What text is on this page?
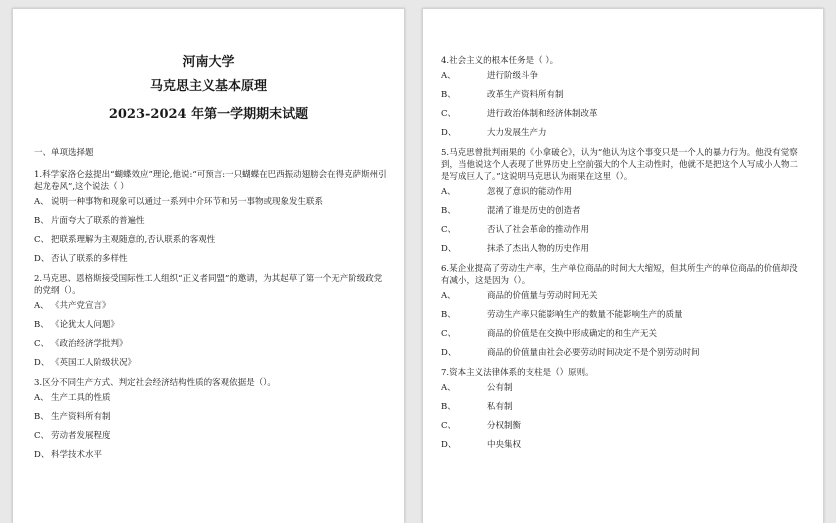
河南大学
马克思主义基本原理
2023-2024 年第一学期期末试题
一、单项选择题
1.科学家洛仑兹提出“蝴蝶效应”理论,他说:“可预言:一只蝴蝶在巴西振动翅膀会在得克萨斯州引起龙卷风”,这个说法（ ）
A、 说明一种事物和现象可以通过一系列中介环节和另一事物或现象发生联系
B、 片面夸大了联系的普遍性
C、 把联系理解为主观随意的,否认联系的客观性
D、 否认了联系的多样性
2.马克思、恩格斯接受国际性工人组织“正义者同盟”的邀请，为其起草了第一个无产阶级政党的党纲（）。
A、 《共产党宣言》
B、 《论犹太人问题》
C、 《政治经济学批判》
D、 《英国工人阶级状况》
3.区分不同生产方式、判定社会经济结构性质的客观依据是（）。
A、 生产工具的性质
B、 生产资料所有制
C、 劳动者发展程度
D、 科学技术水平
4.社会主义的根本任务是（ ）。
A、	进行阶级斗争
B、	改革生产资料所有制
C、	进行政治体制和经济体制改革
D、	大力发展生产力
5.马克思曾批判雨果的《小拿破仑》，认为“他认为这个事变只是一个人的暴力行为。他没有觉察到，当他说这个人表现了世界历史上空前强大的个人主动性时，他就不是把这个人写成小人物二是写成巨人了。”这说明马克思认为雨果在这里（）。
A、	忽视了意识的能动作用
B、	混淆了谁是历史的创造者
C、	否认了社会革命的推动作用
D、	抹杀了杰出人物的历史作用
6.某企业提高了劳动生产率，生产单位商品的时间大大缩短，但其所生产的单位商品的价值却没有减小，这是因为（）。
A、	商品的价值量与劳动时间无关
B、	劳动生产率只能影响生产的数量不能影响生产的质量
C、	商品的价值是在交换中形成确定的和生产无关
D、	商品的价值量由社会必要劳动时间决定不是个别劳动时间
7.资本主义法律体系的支柱是（）原则。
A、	公有制
B、	私有制
C、	分权制衡
D、	中央集权
